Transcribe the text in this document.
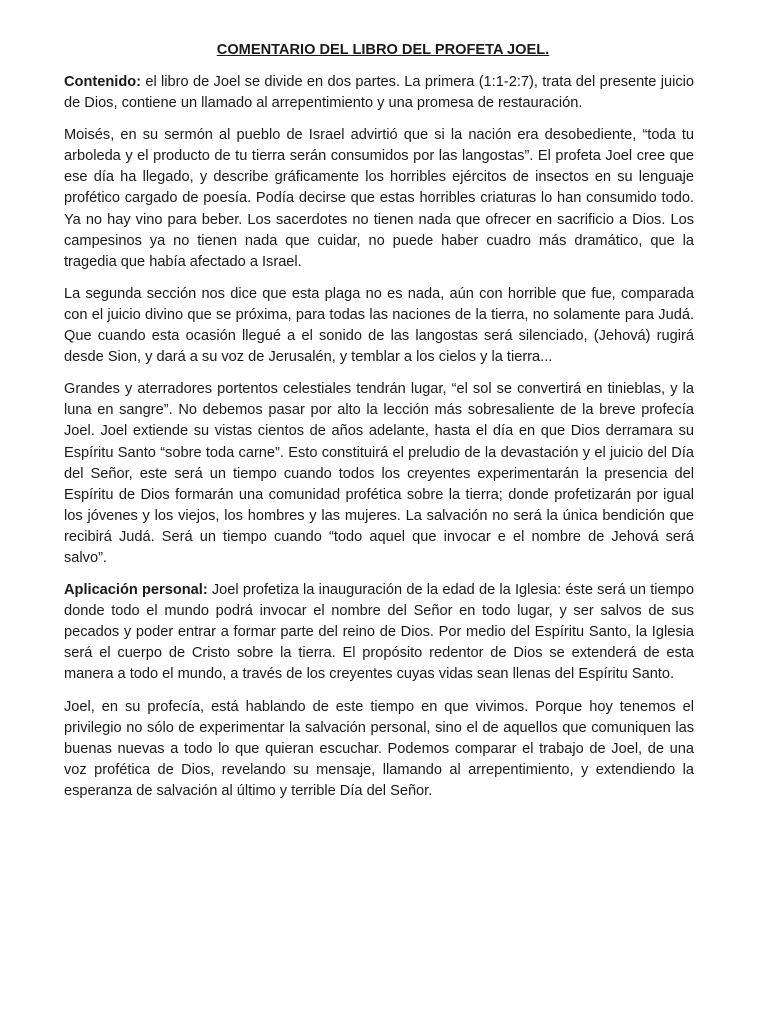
COMENTARIO DEL LIBRO DEL PROFETA JOEL.

Contenido: el libro de Joel se divide en dos partes. La primera (1:1-2:7), trata del presente juicio de Dios, contiene un llamado al arrepentimiento y una promesa de restauración.

Moisés, en su sermón al pueblo de Israel advirtió que si la nación era desobediente, “toda tu arboleda y el producto de tu tierra serán consumidos por las langostas”. El profeta Joel cree que ese día ha llegado, y describe gráficamente los horribles ejércitos de insectos en su lenguaje profético cargado de poesía. Podía decirse que estas horribles criaturas lo han consumido todo. Ya no hay vino para beber. Los sacerdotes no tienen nada que ofrecer en sacrificio a Dios. Los campesinos ya no tienen nada que cuidar, no puede haber cuadro más dramático, que la tragedia que había afectado a Israel.

La segunda sección nos dice que esta plaga no es nada, aún con horrible que fue, comparada con el juicio divino que se próxima, para todas las naciones de la tierra, no solamente para Judá. Que cuando esta ocasión llegué a el sonido de las langostas será silenciado, (Jehová) rugirá desde Sion, y dará a su voz de Jerusalén, y temblar a los cielos y la tierra...

Grandes y aterradores portentos celestiales tendrán lugar, “el sol se convertirá en tinieblas, y la luna en sangre”. No debemos pasar por alto la lección más sobresaliente de la breve profecía Joel. Joel extiende su vistas cientos de años adelante, hasta el día en que Dios derramara su Espíritu Santo “sobre toda carne”. Esto constituirá el preludio de la devastación y el juicio del Día del Señor, este será un tiempo cuando todos los creyentes experimentarán la presencia del Espíritu de Dios formarán una comunidad profética sobre la tierra; donde profetizarán por igual los jóvenes y los viejos, los hombres y las mujeres. La salvación no será la única bendición que recibirá Judá. Será un tiempo cuando “todo aquel que invocar e el nombre de Jehová será salvo”.

Aplicación personal: Joel profetiza la inauguración de la edad de la Iglesia: éste será un tiempo donde todo el mundo podrá invocar el nombre del Señor en todo lugar, y ser salvos de sus pecados y poder entrar a formar parte del reino de Dios. Por medio del Espíritu Santo, la Iglesia será el cuerpo de Cristo sobre la tierra. El propósito redentor de Dios se extenderá de esta manera a todo el mundo, a través de los creyentes cuyas vidas sean llenas del Espíritu Santo.

Joel, en su profecía, está hablando de este tiempo en que vivimos. Porque hoy tenemos el privilegio no sólo de experimentar la salvación personal, sino el de aquellos que comuniquen las buenas nuevas a todo lo que quieran escuchar. Podemos comparar el trabajo de Joel, de una voz profética de Dios, revelando su mensaje, llamando al arrepentimiento, y extendiendo la esperanza de salvación al último y terrible Día del Señor.
